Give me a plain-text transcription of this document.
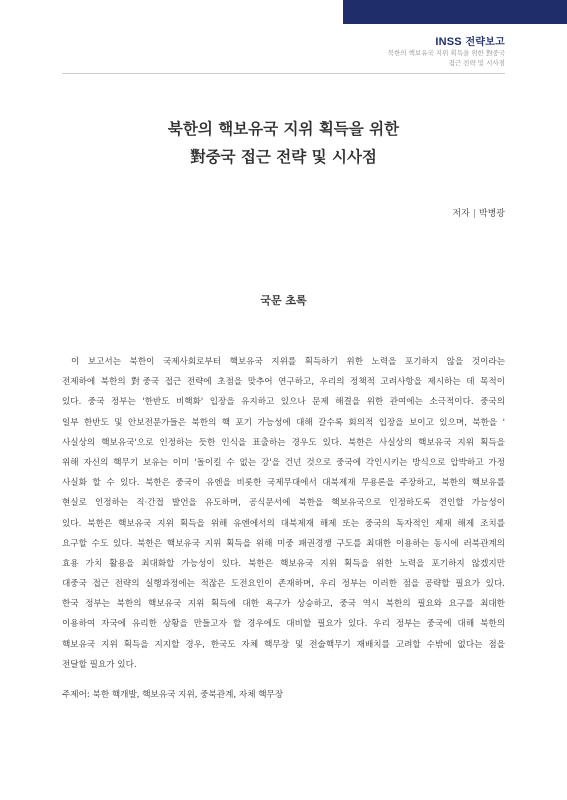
INSS 전략보고
북한의 핵보유국 지위 획득을 위한 對중국
접근 전략 및 시사점
북한의 핵보유국 지위 획득을 위한
對중국 접근 전략 및 시사점
저자 | 박병광
국문 초록
이 보고서는 북한이 국제사회로부터 핵보유국 지위를 획득하기 위한 노력을 포기하지 않을 것이라는
전제하에 북한의 對중국 접근 전략에 초점을 맞추어 연구하고, 우리의 정책적 고려사항을 제시하는 데 목적이
있다. 중국 정부는 '한반도 비핵화' 입장을 유지하고 있으나 문제 해결을 위한 관여에는 소극적이다. 중국의
일부 한반도 및 안보전문가들은 북한의 핵 포기 가능성에 대해 갈수록 회의적 입장을 보이고 있으며, 북한을 '
사실상의 핵보유국'으로 인정하는 듯한 인식을 표출하는 경우도 있다. 북한은 사실상의 핵보유국 지위 획득을
위해 자신의 핵무기 보유는 이미 '돌이킬 수 없는 강'을 건넌 것으로 중국에 각인시키는 방식으로 압박하고 가정
사실화 할 수 있다. 북한은 중국이 유엔을 비롯한 국제무대에서 대북제재 무용론을 주장하고, 북한의 핵보유를
현실로 인정하는 직·간접 발언을 유도하며, 공식문서에 북한을 핵보유국으로 인정하도록 견인할 가능성이
있다. 북한은 핵보유국 지위 획득을 위해 유엔에서의 대북제재 해제 또는 중국의 독자적인 제재 해제 조치를
요구할 수도 있다. 북한은 핵보유국 지위 획득을 위해 미중 패권경쟁 구도를 최대한 이용하는 동시에 러북관계의
효용 가치 활용을 최대화할 가능성이 있다. 북한은 핵보유국 지위 획득을 위한 노력을 포기하지 않겠지만
대중국 접근 전략의 실행과정에는 적잖은 도전요인이 존재하며, 우리 정부는 이러한 점을 공략할 필요가 있다.
한국 정부는 북한의 핵보유국 지위 획득에 대한 욕구가 상승하고, 중국 역시 북한의 필요와 요구를 최대한
이용하여 자국에 유리한 상황을 만들고자 할 경우에도 대비할 필요가 있다. 우리 정부는 중국에 대해 북한의
핵보유국 지위 획득을 지지할 경우, 한국도 자체 핵무장 및 전술핵무기 재배치를 고려할 수밖에 없다는 점을
전달할 필요가 있다.
주제어: 북한 핵개발, 핵보유국 지위, 중북관계, 자체 핵무장
